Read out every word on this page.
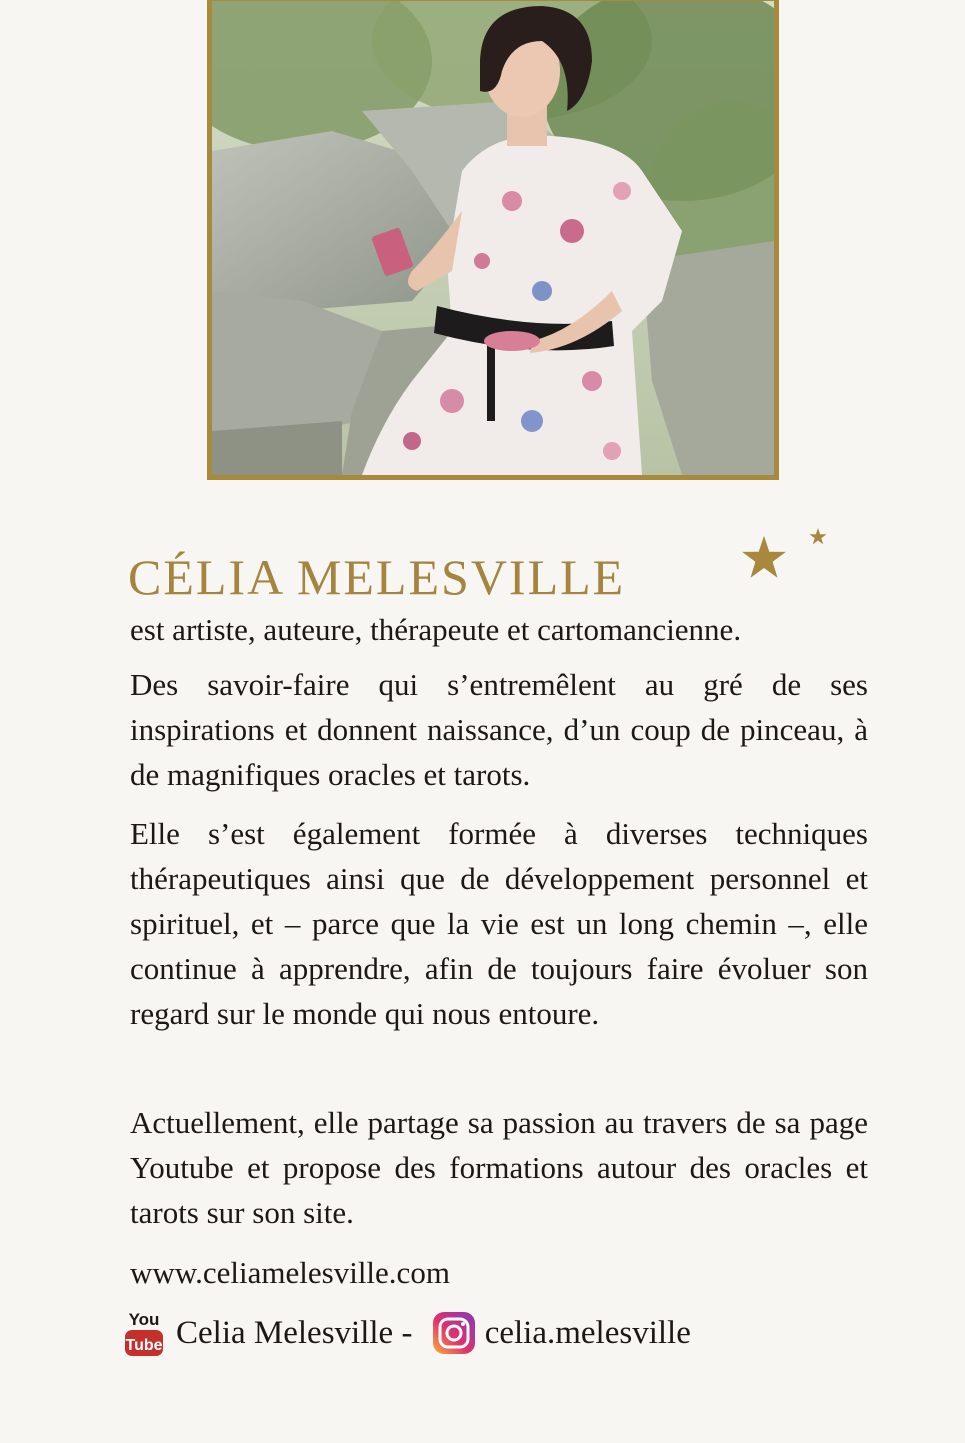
CÉLIA MELESVILLE

est artiste, auteure, thérapeute et cartomancienne.

Des savoir-faire qui s’entremêlent au gré de ses inspirations et donnent naissance, d’un coup de pinceau, à de magnifiques oracles et tarots.

Elle s’est également formée à diverses techniques thérapeutiques ainsi que de développement personnel et spirituel, et – parce que la vie est un long chemin –, elle continue à apprendre, afin de toujours faire évoluer son regard sur le monde qui nous entoure.

Actuellement, elle partage sa passion au travers de sa page Youtube et propose des formations autour des oracles et tarots sur son site.

www.celiamelesville.com
You
Tube Celia Melesville - celia.melesville
